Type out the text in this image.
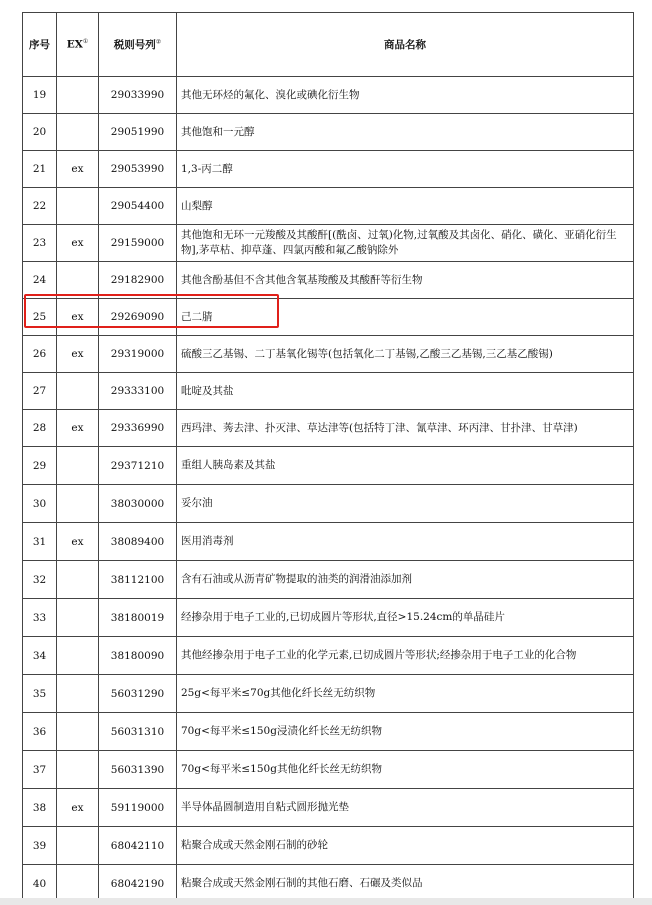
序号	EX①	税则号列②	商品名称
19		29033990	其他无环烃的氟化、溴化或碘化衍生物
20		29051990	其他饱和一元醇
21	ex	29053990	1,3-丙二醇
22		29054400	山梨醇
23	ex	29159000	其他饱和无环一元羧酸及其酸酐[(酰卤、过氧)化物,过氧酸及其卤化、硝化、磺化、亚硝化衍生物],茅草枯、抑草蓬、四氯丙酸和氟乙酸钠除外
24		29182900	其他含酚基但不含其他含氧基羧酸及其酸酐等衍生物
25	ex	29269090	己二腈
26	ex	29319000	硫酸三乙基锡、二丁基氧化锡等(包括氧化二丁基锡,乙酸三乙基锡,三乙基乙酸锡)
27		29333100	吡啶及其盐
28	ex	29336990	西玛津、莠去津、扑灭津、草达津等(包括特丁津、氰草津、环丙津、甘扑津、甘草津)
29		29371210	重组人胰岛素及其盐
30		38030000	妥尔油
31	ex	38089400	医用消毒剂
32		38112100	含有石油或从沥青矿物提取的油类的润滑油添加剂
33		38180019	经掺杂用于电子工业的,已切成圆片等形状,直径>15.24cm的单晶硅片
34		38180090	其他经掺杂用于电子工业的化学元素,已切成圆片等形状;经掺杂用于电子工业的化合物
35		56031290	25g<每平米≤70g其他化纤长丝无纺织物
36		56031310	70g<每平米≤150g浸渍化纤长丝无纺织物
37		56031390	70g<每平米≤150g其他化纤长丝无纺织物
38	ex	59119000	半导体晶圆制造用自粘式圆形抛光垫
39		68042110	粘聚合成或天然金刚石制的砂轮
40		68042190	粘聚合成或天然金刚石制的其他石磨、石碾及类似品
